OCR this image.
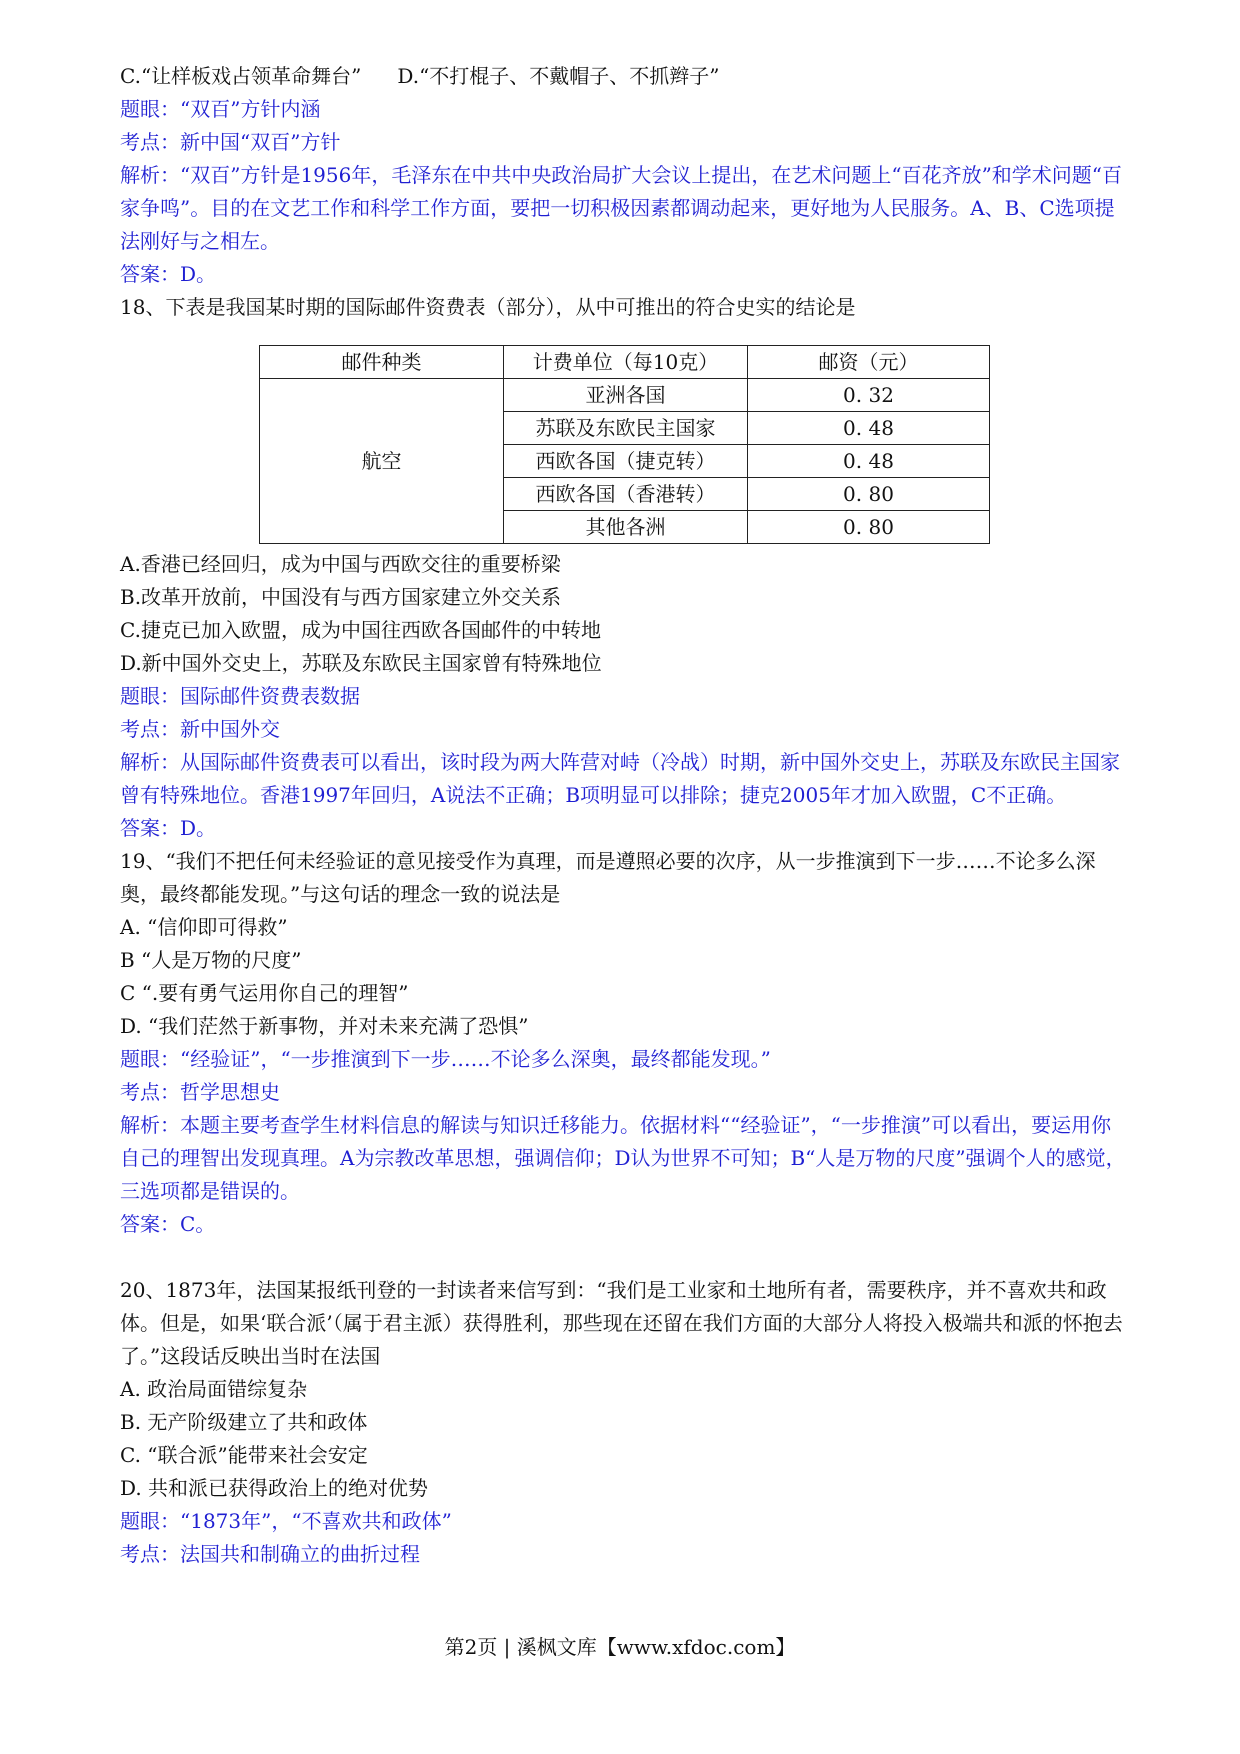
C.“让样板戏占领革命舞台” D.“不打棍子、不戴帽子、不抓辫子”
题眼：“双百”方针内涵
考点：新中国“双百”方针
解析：“双百”方针是1956年，毛泽东在中共中央政治局扩大会议上提出，在艺术问题上“百花齐放”和学术问题“百家争鸣”。目的在文艺工作和科学工作方面，要把一切积极因素都调动起来，更好地为人民服务。A、B、C选项提法刚好与之相左。
答案：D。
18、下表是我国某时期的国际邮件资费表（部分），从中可推出的符合史实的结论是
邮件种类	计费单位（每10克）	邮资（元）
航空	亚洲各国	0. 32
	苏联及东欧民主国家	0. 48
	西欧各国（捷克转）	0. 48
	西欧各国（香港转）	0. 80
	其他各洲	0. 80
A.香港已经回归，成为中国与西欧交往的重要桥梁
B.改革开放前，中国没有与西方国家建立外交关系
C.捷克已加入欧盟，成为中国往西欧各国邮件的中转地
D.新中国外交史上，苏联及东欧民主国家曾有特殊地位
题眼：国际邮件资费表数据
考点：新中国外交
解析：从国际邮件资费表可以看出，该时段为两大阵营对峙（冷战）时期，新中国外交史上，苏联及东欧民主国家曾有特殊地位。香港1997年回归，A说法不正确；B项明显可以排除；捷克2005年才加入欧盟，C不正确。
答案：D。
19、“我们不把任何未经验证的意见接受作为真理，而是遵照必要的次序，从一步推演到下一步……不论多么深奥，最终都能发现。”与这句话的理念一致的说法是
A. “信仰即可得救”
B “人是万物的尺度”
C “.要有勇气运用你自己的理智”
D. “我们茫然于新事物，并对未来充满了恐惧”
题眼：“经验证”，“一步推演到下一步……不论多么深奥，最终都能发现。”
考点：哲学思想史
解析：本题主要考查学生材料信息的解读与知识迁移能力。依据材料““经验证”，“一步推演”可以看出，要运用你自己的理智出发现真理。A为宗教改革思想，强调信仰；D认为世界不可知；B“人是万物的尺度”强调个人的感觉，三选项都是错误的。
答案：C。
20、1873年，法国某报纸刊登的一封读者来信写到：“我们是工业家和土地所有者，需要秩序，并不喜欢共和政体。但是，如果‘联合派’（属于君主派）获得胜利，那些现在还留在我们方面的大部分人将投入极端共和派的怀抱去了。”这段话反映出当时在法国
A. 政治局面错综复杂
B. 无产阶级建立了共和政体
C. “联合派”能带来社会安定
D. 共和派已获得政治上的绝对优势
题眼：“1873年”，“不喜欢共和政体”
考点：法国共和制确立的曲折过程
第2页 | 溪枫文库【www.xfdoc.com】
